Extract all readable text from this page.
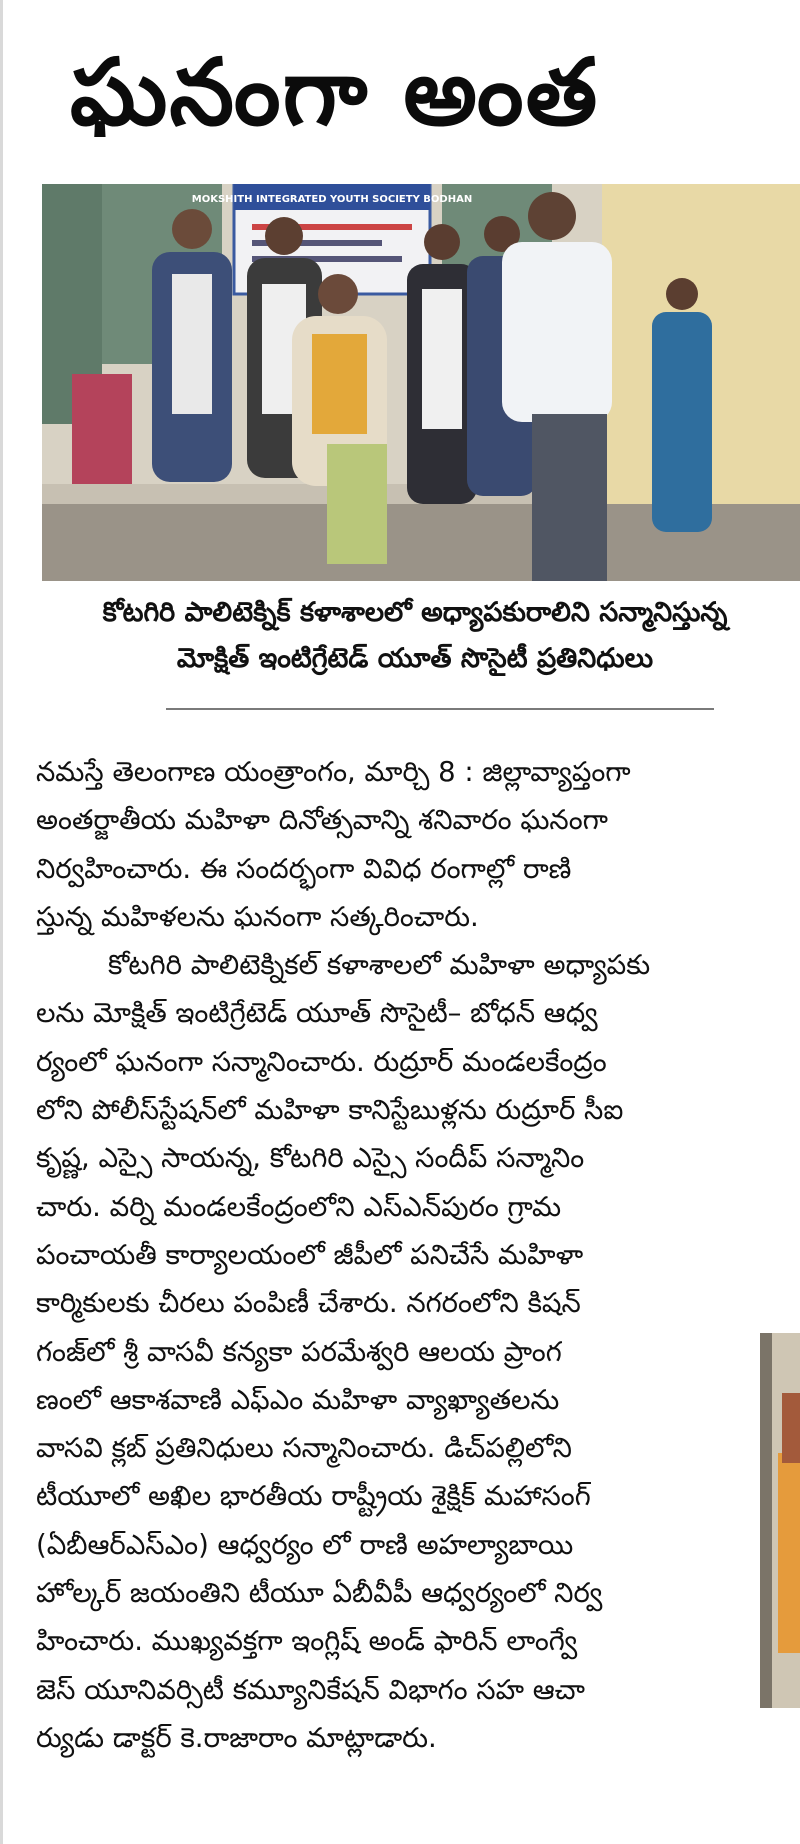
ఘనంగా అంత
MOKSHITH INTEGRATED YOUTH SOCIETY BODHAN
కోటగిరి పాలిటెక్నిక్ కళాశాలలో అధ్యాపకురాలిని సన్మానిస్తున్న
మోక్షిత్ ఇంటిగ్రేటెడ్ యూత్ సొసైటీ ప్రతినిధులు
నమస్తే తెలంగాణ యంత్రాంగం, మార్చి 8 : జిల్లావ్యాప్తంగా
అంతర్జాతీయ మహిళా దినోత్సవాన్ని శనివారం ఘనంగా
నిర్వహించారు. ఈ సందర్భంగా వివిధ రంగాల్లో రాణి
స్తున్న మహిళలను ఘనంగా సత్కరించారు.
కోటగిరి పాలిటెక్నికల్ కళాశాలలో మహిళా అధ్యాపకు
లను మోక్షిత్ ఇంటిగ్రేటెడ్ యూత్ సొసైటీ– బోధన్ ఆధ్వ
ర్యంలో ఘనంగా సన్మానించారు. రుద్రూర్ మండలకేంద్రం
లోని పోలీస్‌స్టేషన్‌లో మహిళా కానిస్టేబుళ్లను రుద్రూర్ సీఐ
కృష్ణ, ఎస్సై సాయన్న, కోటగిరి ఎస్సై సందీప్ సన్మానిం
చారు. వర్ని మండలకేంద్రంలోని ఎస్‌ఎన్‌పురం గ్రామ
పంచాయతీ కార్యాలయంలో జీపీలో పనిచేసే మహిళా
కార్మికులకు చీరలు పంపిణీ చేశారు. నగరంలోని కిషన్
గంజ్‌లో శ్రీ వాసవీ కన్యకా పరమేశ్వరి ఆలయ ప్రాంగ
ణంలో ఆకాశవాణి ఎఫ్ఎం మహిళా వ్యాఖ్యాతలను
వాసవి క్లబ్ ప్రతినిధులు సన్మానించారు. డిచ్‌పల్లిలోని
టీయూలో అఖిల భారతీయ రాష్ట్రీయ శైక్షిక్ మహాసంగ్
(ఏబీఆర్ఎస్ఎం) ఆధ్వర్యం లో రాణి అహల్యాబాయి
హోల్కర్ జయంతిని టీయూ ఏబీవీపీ ఆధ్వర్యంలో నిర్వ
హించారు. ముఖ్యవక్తగా ఇంగ్లిష్ అండ్ ఫారిన్ లాంగ్వే
జెస్ యూనివర్సిటీ కమ్యూనికేషన్ విభాగం సహ ఆచా
ర్యుడు డాక్టర్ కె.రాజారాం మాట్లాడారు.
